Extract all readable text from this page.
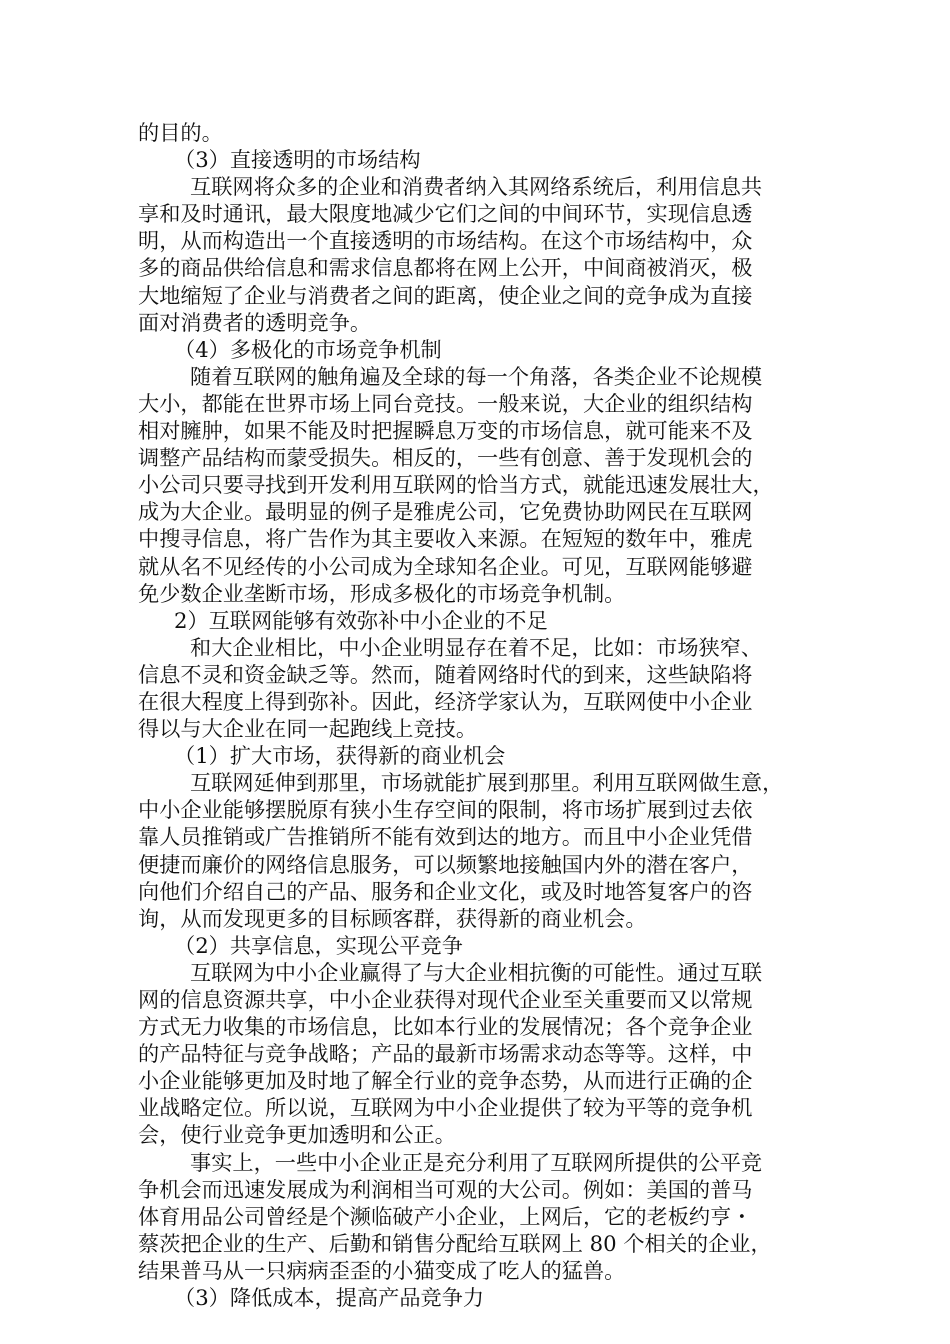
的目的。
（3）直接透明的市场结构
互联网将众多的企业和消费者纳入其网络系统后，利用信息共
享和及时通讯，最大限度地减少它们之间的中间环节，实现信息透
明，从而构造出一个直接透明的市场结构。在这个市场结构中，众
多的商品供给信息和需求信息都将在网上公开，中间商被消灭，极
大地缩短了企业与消费者之间的距离，使企业之间的竞争成为直接
面对消费者的透明竞争。
（4）多极化的市场竞争机制
随着互联网的触角遍及全球的每一个角落，各类企业不论规模
大小，都能在世界市场上同台竞技。一般来说，大企业的组织结构
相对臃肿，如果不能及时把握瞬息万变的市场信息，就可能来不及
调整产品结构而蒙受损失。相反的，一些有创意、善于发现机会的
小公司只要寻找到开发利用互联网的恰当方式，就能迅速发展壮大，
成为大企业。最明显的例子是雅虎公司，它免费协助网民在互联网
中搜寻信息，将广告作为其主要收入来源。在短短的数年中，雅虎
就从名不见经传的小公司成为全球知名企业。可见，互联网能够避
免少数企业垄断市场，形成多极化的市场竞争机制。
2）互联网能够有效弥补中小企业的不足
和大企业相比，中小企业明显存在着不足，比如：市场狭窄、
信息不灵和资金缺乏等。然而，随着网络时代的到来，这些缺陷将
在很大程度上得到弥补。因此，经济学家认为，互联网使中小企业
得以与大企业在同一起跑线上竞技。
（1）扩大市场，获得新的商业机会
互联网延伸到那里，市场就能扩展到那里。利用互联网做生意，
中小企业能够摆脱原有狭小生存空间的限制，将市场扩展到过去依
靠人员推销或广告推销所不能有效到达的地方。而且中小企业凭借
便捷而廉价的网络信息服务，可以频繁地接触国内外的潜在客户，
向他们介绍自己的产品、服务和企业文化，或及时地答复客户的咨
询，从而发现更多的目标顾客群，获得新的商业机会。
（2）共享信息，实现公平竞争
互联网为中小企业赢得了与大企业相抗衡的可能性。通过互联
网的信息资源共享，中小企业获得对现代企业至关重要而又以常规
方式无力收集的市场信息，比如本行业的发展情况；各个竞争企业
的产品特征与竞争战略；产品的最新市场需求动态等等。这样，中
小企业能够更加及时地了解全行业的竞争态势，从而进行正确的企
业战略定位。所以说，互联网为中小企业提供了较为平等的竞争机
会，使行业竞争更加透明和公正。
事实上，一些中小企业正是充分利用了互联网所提供的公平竞
争机会而迅速发展成为利润相当可观的大公司。例如：美国的普马
体育用品公司曾经是个濒临破产小企业，上网后，它的老板约亨・
蔡茨把企业的生产、后勤和销售分配给互联网上 80 个相关的企业，
结果普马从一只病病歪歪的小猫变成了吃人的猛兽。
（3）降低成本，提高产品竞争力
